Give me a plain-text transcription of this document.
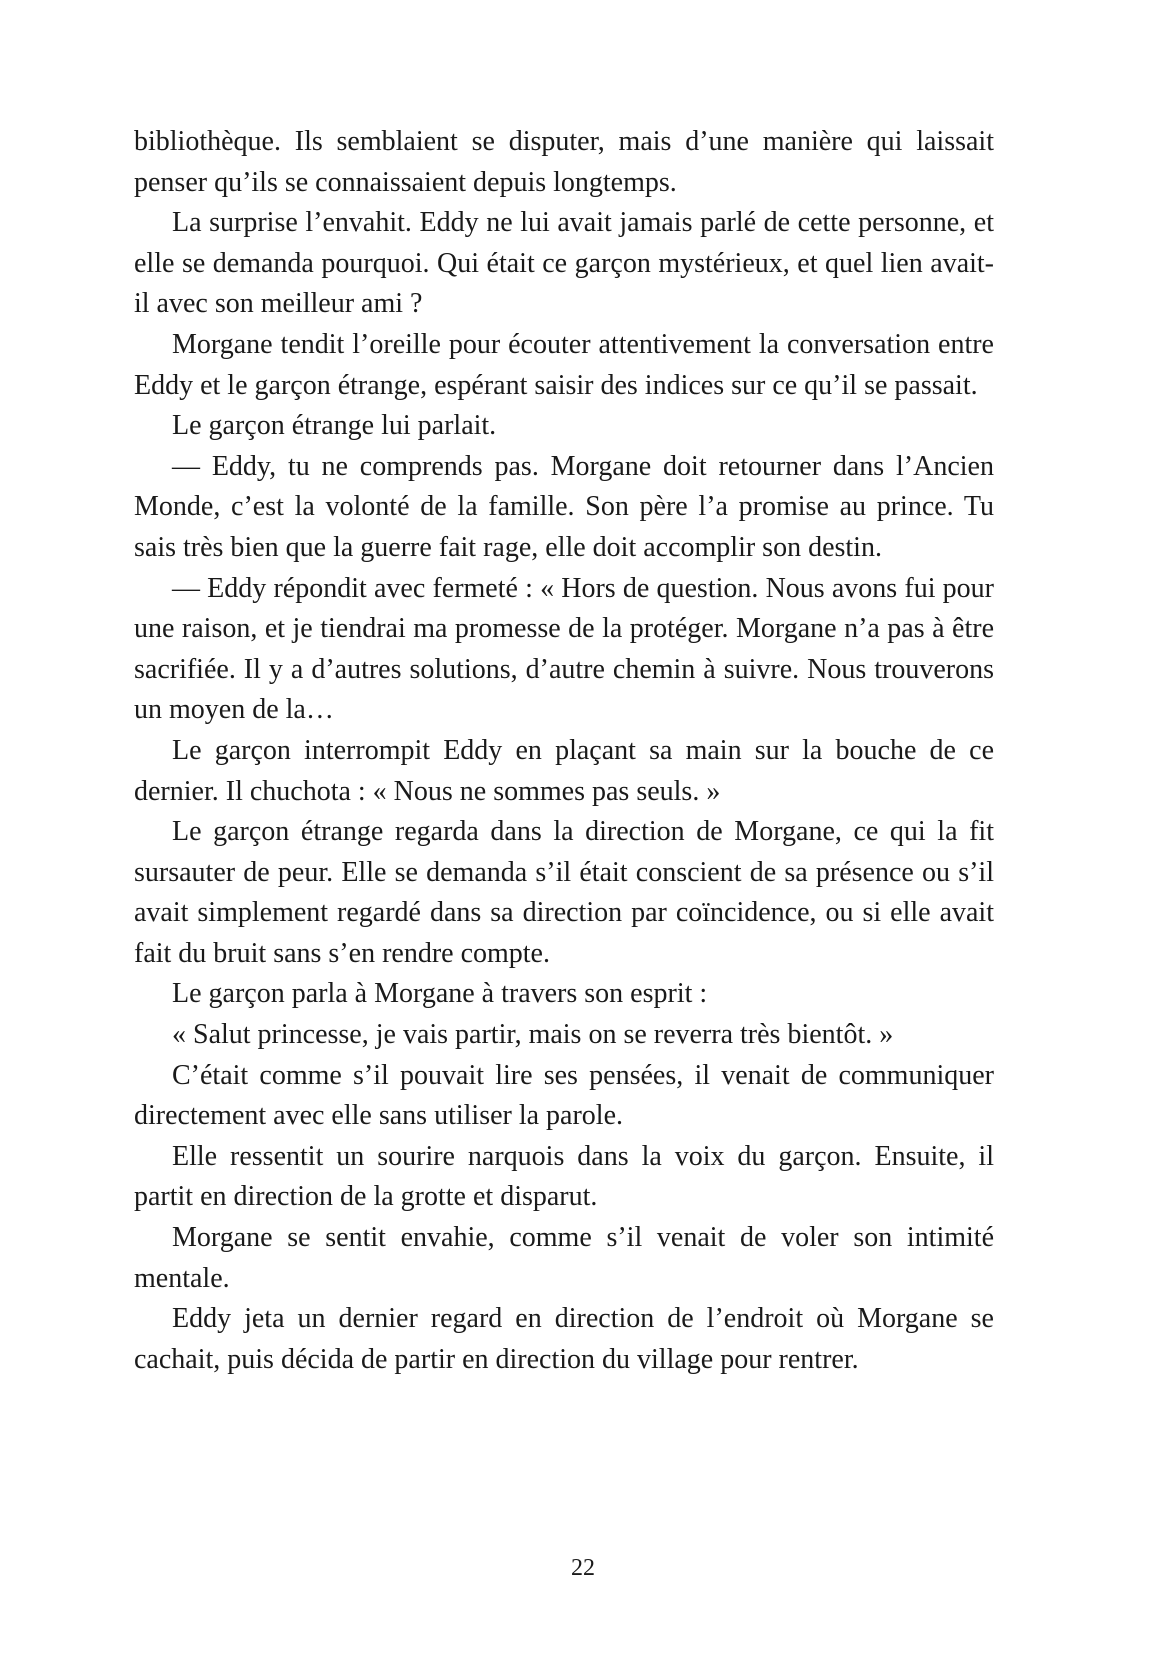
bibliothèque. Ils semblaient se disputer, mais d’une manière qui laissait penser qu’ils se connaissaient depuis longtemps.

La surprise l’envahit. Eddy ne lui avait jamais parlé de cette personne, et elle se demanda pourquoi. Qui était ce garçon mystérieux, et quel lien avait-il avec son meilleur ami ?

Morgane tendit l’oreille pour écouter attentivement la conversation entre Eddy et le garçon étrange, espérant saisir des indices sur ce qu’il se passait.

Le garçon étrange lui parlait.

— Eddy, tu ne comprends pas. Morgane doit retourner dans l’Ancien Monde, c’est la volonté de la famille. Son père l’a promise au prince. Tu sais très bien que la guerre fait rage, elle doit accomplir son destin.

— Eddy répondit avec fermeté : « Hors de question. Nous avons fui pour une raison, et je tiendrai ma promesse de la protéger. Morgane n’a pas à être sacrifiée. Il y a d’autres solutions, d’autre chemin à suivre. Nous trouverons un moyen de la…

Le garçon interrompit Eddy en plaçant sa main sur la bouche de ce dernier. Il chuchota : « Nous ne sommes pas seuls. »

Le garçon étrange regarda dans la direction de Morgane, ce qui la fit sursauter de peur. Elle se demanda s’il était conscient de sa présence ou s’il avait simplement regardé dans sa direction par coïncidence, ou si elle avait fait du bruit sans s’en rendre compte.

Le garçon parla à Morgane à travers son esprit :

« Salut princesse, je vais partir, mais on se reverra très bientôt. »

C’était comme s’il pouvait lire ses pensées, il venait de communiquer directement avec elle sans utiliser la parole.

Elle ressentit un sourire narquois dans la voix du garçon. Ensuite, il partit en direction de la grotte et disparut.

Morgane se sentit envahie, comme s’il venait de voler son intimité mentale.

Eddy jeta un dernier regard en direction de l’endroit où Morgane se cachait, puis décida de partir en direction du village pour rentrer.

22
